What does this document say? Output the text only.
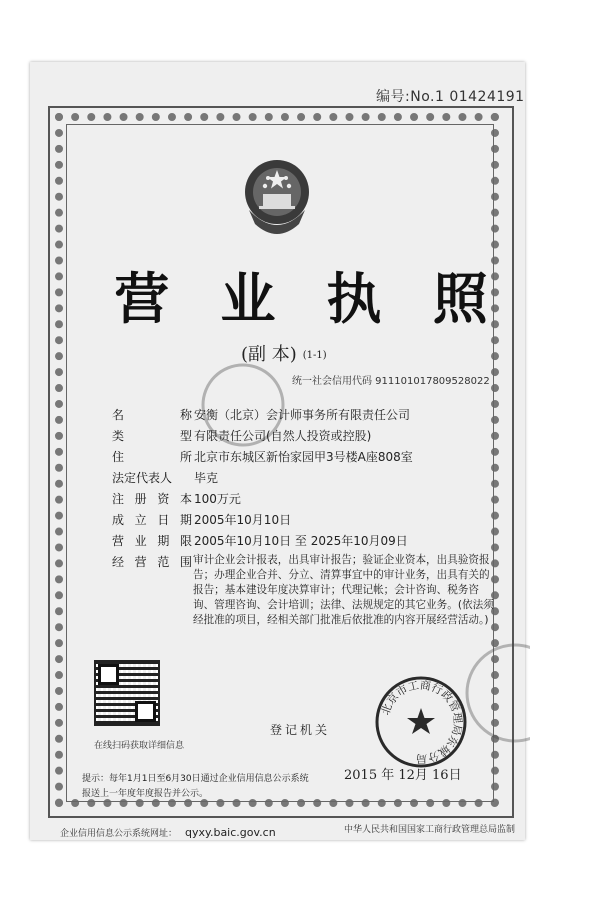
编号:No.1 01424191
营 业 执 照
(副 本) (1-1)
统一社会信用代码 911101017809528022
名	称 安衡（北京）会计师事务所有限责任公司
类	型 有限责任公司(自然人投资或控股)
住	所 北京市东城区新怡家园甲3号楼A座808室
法定代表人 毕克
注 册 资 本 100万元
成 立 日 期 2005年10月10日
营 业 期 限 2005年10月10日 至 2025年10月09日
经 营 范 围 审计企业会计报表，出具审计报告；验证企业资本，出具验资报告；办理企业合并、分立、清算事宜中的审计业务，出具有关的报告；基本建设年度决算审计；代理记帐；会计咨询、税务咨询、管理咨询、会计培训；法律、法规规定的其它业务。(依法须经批准的项目，经相关部门批准后依批准的内容开展经营活动。)
在线扫码获取详细信息
登记机关
北京市工商行政管理局东城分局
2015 年 12月 16日
提示：每年1月1日至6月30日通过企业信用信息公示系统
报送上一年度年度报告并公示。
企业信用信息公示系统网址： qyxy.baic.gov.cn	中华人民共和国国家工商行政管理总局监制
